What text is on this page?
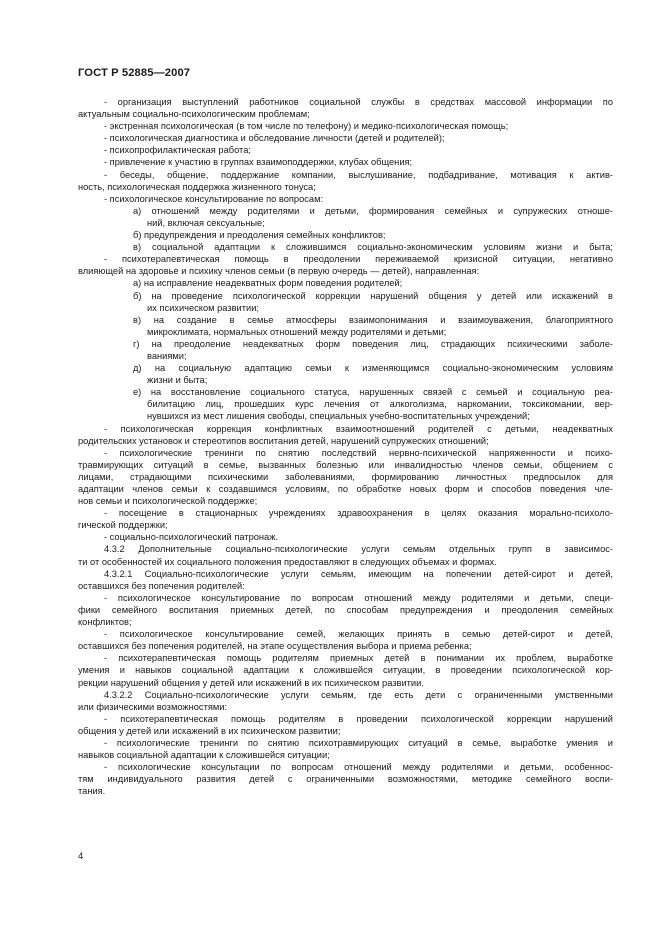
ГОСТ Р 52885—2007
- организация выступлений работников социальной службы в средствах массовой информации по
актуальным социально-психологическим проблемам;
- экстренная психологическая (в том числе по телефону) и медико-психологическая помощь;
- психологическая диагностика и обследование личности (детей и родителей);
- психопрофилактическая работа;
- привлечение к участию в группах взаимоподдержки, клубах общения;
- беседы, общение, поддержание компании, выслушивание, подбадривание, мотивация к актив-
ность, психологическая поддержка жизненного тонуса;
- психологическое консультирование по вопросам:
а) отношений между родителями и детьми, формирования семейных и супружеских отноше-
ний, включая сексуальные;
б) предупреждения и преодоления семейных конфликтов;
в) социальной адаптации к сложившимся социально-экономическим условиям жизни и быта;
- психотерапевтическая помощь в преодолении переживаемой кризисной ситуации, негативно
влияющей на здоровье и психику членов семьи (в первую очередь — детей), направленная:
а) на исправление неадекватных форм поведения родителей;
б) на проведение психологической коррекции нарушений общения у детей или искажений в
их психическом развитии;
в) на создание в семье атмосферы взаимопонимания и взаимоуважения, благоприятного
микроклимата, нормальных отношений между родителями и детьми;
г) на преодоление неадекватных форм поведения лиц, страдающих психическими заболе-
ваниями;
д) на социальную адаптацию семьи к изменяющимся социально-экономическим условиям
жизни и быта;
е) на восстановление социального статуса, нарушенных связей с семьей и социальную реа-
билитацию лиц, прошедших курс лечения от алкоголизма, наркомании, токсикомании, вер-
нувшихся из мест лишения свободы, специальных учебно-воспитательных учреждений;
- психологическая коррекция конфликтных взаимоотношений родителей с детьми, неадекватных
родительских установок и стереотипов воспитания детей, нарушений супружеских отношений;
- психологические тренинги по снятию последствий нервно-психической напряженности и психо-
травмирующих ситуаций в семье, вызванных болезнью или инвалидностью членов семьи, общением с
лицами, страдающими психическими заболеваниями, формированию личностных предпосылок для
адаптации членов семьи к создавшимся условиям, по обработке новых форм и способов поведения чле-
нов семьи и психологической поддержке;
- посещение в стационарных учреждениях здравоохранения в целях оказания морально-психоло-
гической поддержки;
- социально-психологический патронаж.
4.3.2 Дополнительные социально-психологические услуги семьям отдельных групп в зависимос-
ти от особенностей их социального положения предоставляют в следующих объемах и формах.
4.3.2.1 Социально-психологические услуги семьям, имеющим на попечении детей-сирот и детей,
оставшихся без попечения родителей:
- психологическое консультирование по вопросам отношений между родителями и детьми, специ-
фики семейного воспитания приемных детей, по способам предупреждения и преодоления семейных
конфликтов;
- психологическое консультирование семей, желающих принять в семью детей-сирот и детей,
оставшихся без попечения родителей, на этапе осуществления выбора и приема ребенка;
- психотерапевтическая помощь родителям приемных детей в понимании их проблем, выработке
умения и навыков социальной адаптации к сложившейся ситуации, в проведении психологической кор-
рекции нарушений общения у детей или искажений в их психическом развитии.
4.3.2.2 Социально-психологические услуги семьям, где есть дети с ограниченными умственными
или физическими возможностями:
- психотерапевтическая помощь родителям в проведении психологической коррекции нарушений
общения у детей или искажений в их психическом развитии;
- психологические тренинги по снятию психотравмирующих ситуаций в семье, выработке умения и
навыков социальной адаптации к сложившейся ситуации;
- психологические консультации по вопросам отношений между родителями и детьми, особеннос-
тям индивидуального развития детей с ограниченными возможностями, методике семейного воспи-
тания.
4
